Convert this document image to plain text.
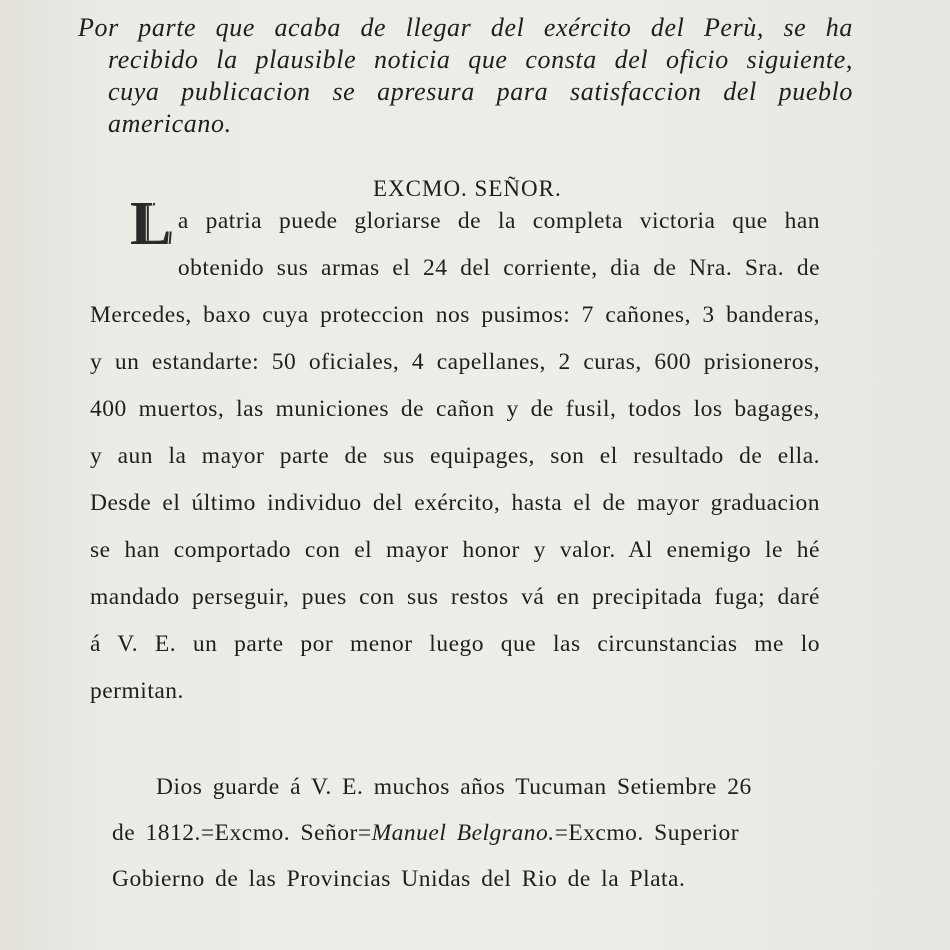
Por parte que acaba de llegar del exército del Perù, se ha recibido la plausible noticia que consta del oficio siguiente, cuya publicacion se apresura para satisfaccion del pueblo americano.
EXCMO. SEÑOR.
La patria puede gloriarse de la completa victoria que han obtenido sus armas el 24 del corriente, dia de Nra. Sra. de Mercedes, baxo cuya proteccion nos pusimos: 7 cañones, 3 banderas, y un estandarte: 50 oficiales, 4 capellanes, 2 curas, 600 prisioneros, 400 muertos, las municiones de cañon y de fusil, todos los bagages, y aun la mayor parte de sus equipages, son el resultado de ella. Desde el último individuo del exército, hasta el de mayor graduacion se han comportado con el mayor honor y valor. Al enemigo le hé mandado perseguir, pues con sus restos vá en precipitada fuga; daré á V. E. un parte por menor luego que las circunstancias me lo permitan.
Dios guarde á V. E. muchos años Tucuman Setiembre 26
de 1812.=Excmo. Señor=Manuel Belgrano.=Excmo. Superior Gobierno de las Provincias Unidas del Rio de la Plata.
